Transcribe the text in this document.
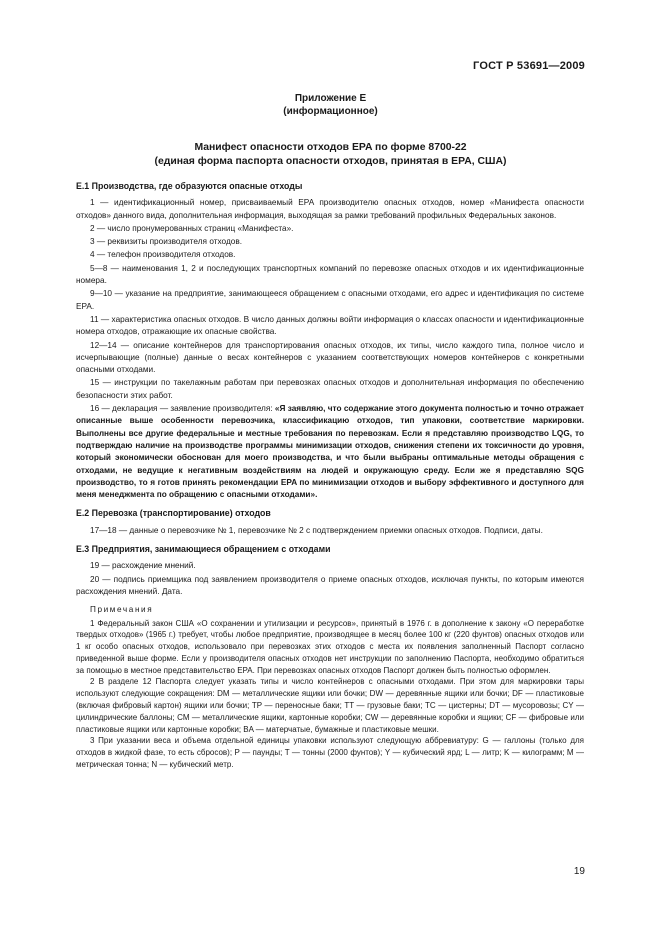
ГОСТ Р 53691—2009
Приложение Е
(информационное)
Манифест опасности отходов EPA по форме 8700-22
(единая форма паспорта опасности отходов, принятая в EPA, США)

Е.1 Производства, где образуются опасные отходы

1 — идентификационный номер, присваиваемый EPA производителю опасных отходов, номер «Манифеста опасности отходов» данного вида, дополнительная информация, выходящая за рамки требований профильных Федеральных законов.

2 — число пронумерованных страниц «Манифеста».

3 — реквизиты производителя отходов.

4 — телефон производителя отходов.

5—8 — наименования 1, 2 и последующих транспортных компаний по перевозке опасных отходов и их идентификационные номера.

9—10 — указание на предприятие, занимающееся обращением с опасными отходами, его адрес и идентификация по системе EPA.

11 — характеристика опасных отходов. В число данных должны войти информация о классах опасности и идентификационные номера отходов, отражающие их опасные свойства.

12—14 — описание контейнеров для транспортирования опасных отходов, их типы, число каждого типа, полное число и исчерпывающие (полные) данные о весах контейнеров с указанием соответствующих номеров контейнеров с конкретными опасными отходами.

15 — инструкции по такелажным работам при перевозках опасных отходов и дополнительная информация по обеспечению безопасности этих работ.

16 — декларация — заявление производителя: «Я заявляю, что содержание этого документа полностью и точно отражает описанные выше особенности перевозчика, классификацию отходов, тип упаковки, соответствие маркировки. Выполнены все другие федеральные и местные требования по перевозкам. Если я представляю производство LQG, то подтверждаю наличие на производстве программы минимизации отходов, снижения степени их токсичности до уровня, который экономически обоснован для моего производства, и что были выбраны оптимальные методы обращения с отходами, не ведущие к негативным воздействиям на людей и окружающую среду. Если же я представляю SQG производство, то я готов принять рекомендации EPA по минимизации отходов и выбору эффективного и доступного для меня менеджмента по обращению с опасными отходами».

Е.2 Перевозка (транспортирование) отходов

17—18 — данные о перевозчике № 1, перевозчике № 2 с подтверждением приемки опасных отходов. Подписи, даты.

Е.3 Предприятия, занимающиеся обращением с отходами

19 — расхождение мнений.

20 — подпись приемщика под заявлением производителя о приеме опасных отходов, исключая пункты, по которым имеются расхождения мнений. Дата.

Примечания

1 Федеральный закон США «О сохранении и утилизации и ресурсов», принятый в 1976 г. в дополнение к закону «О переработке твердых отходов» (1965 г.) требует, чтобы любое предприятие, производящее в месяц более 100 кг (220 фунтов) опасных отходов или 1 кг особо опасных отходов, использовало при перевозках этих отходов с места их появления заполненный Паспорт согласно приведенной выше форме. Если у производителя опасных отходов нет инструкции по заполнению Паспорта, необходимо обратиться за помощью в местное представительство EPA. При перевозках опасных отходов Паспорт должен быть полностью оформлен.

2 В разделе 12 Паспорта следует указать типы и число контейнеров с опасными отходами. При этом для маркировки тары используют следующие сокращения: DM — металлические ящики или бочки; DW — деревянные ящики или бочки; DF — пластиковые (включая фибровый картон) ящики или бочки; TP — переносные баки; TT — грузовые баки; TC — цистерны; DT — мусоровозы; CY — цилиндрические баллоны; CM — металлические ящики, картонные коробки; CW — деревянные коробки и ящики; CF — фибровые или пластиковые ящики или картонные коробки; BA — матерчатые, бумажные и пластиковые мешки.

3 При указании веса и объема отдельной единицы упаковки используют следующую аббревиатуру: G — галлоны (только для отходов в жидкой фазе, то есть сбросов); P — паунды; T — тонны (2000 фунтов); Y — кубический ярд; L — литр; K — килограмм; M — метрическая тонна; N — кубический метр.

19
